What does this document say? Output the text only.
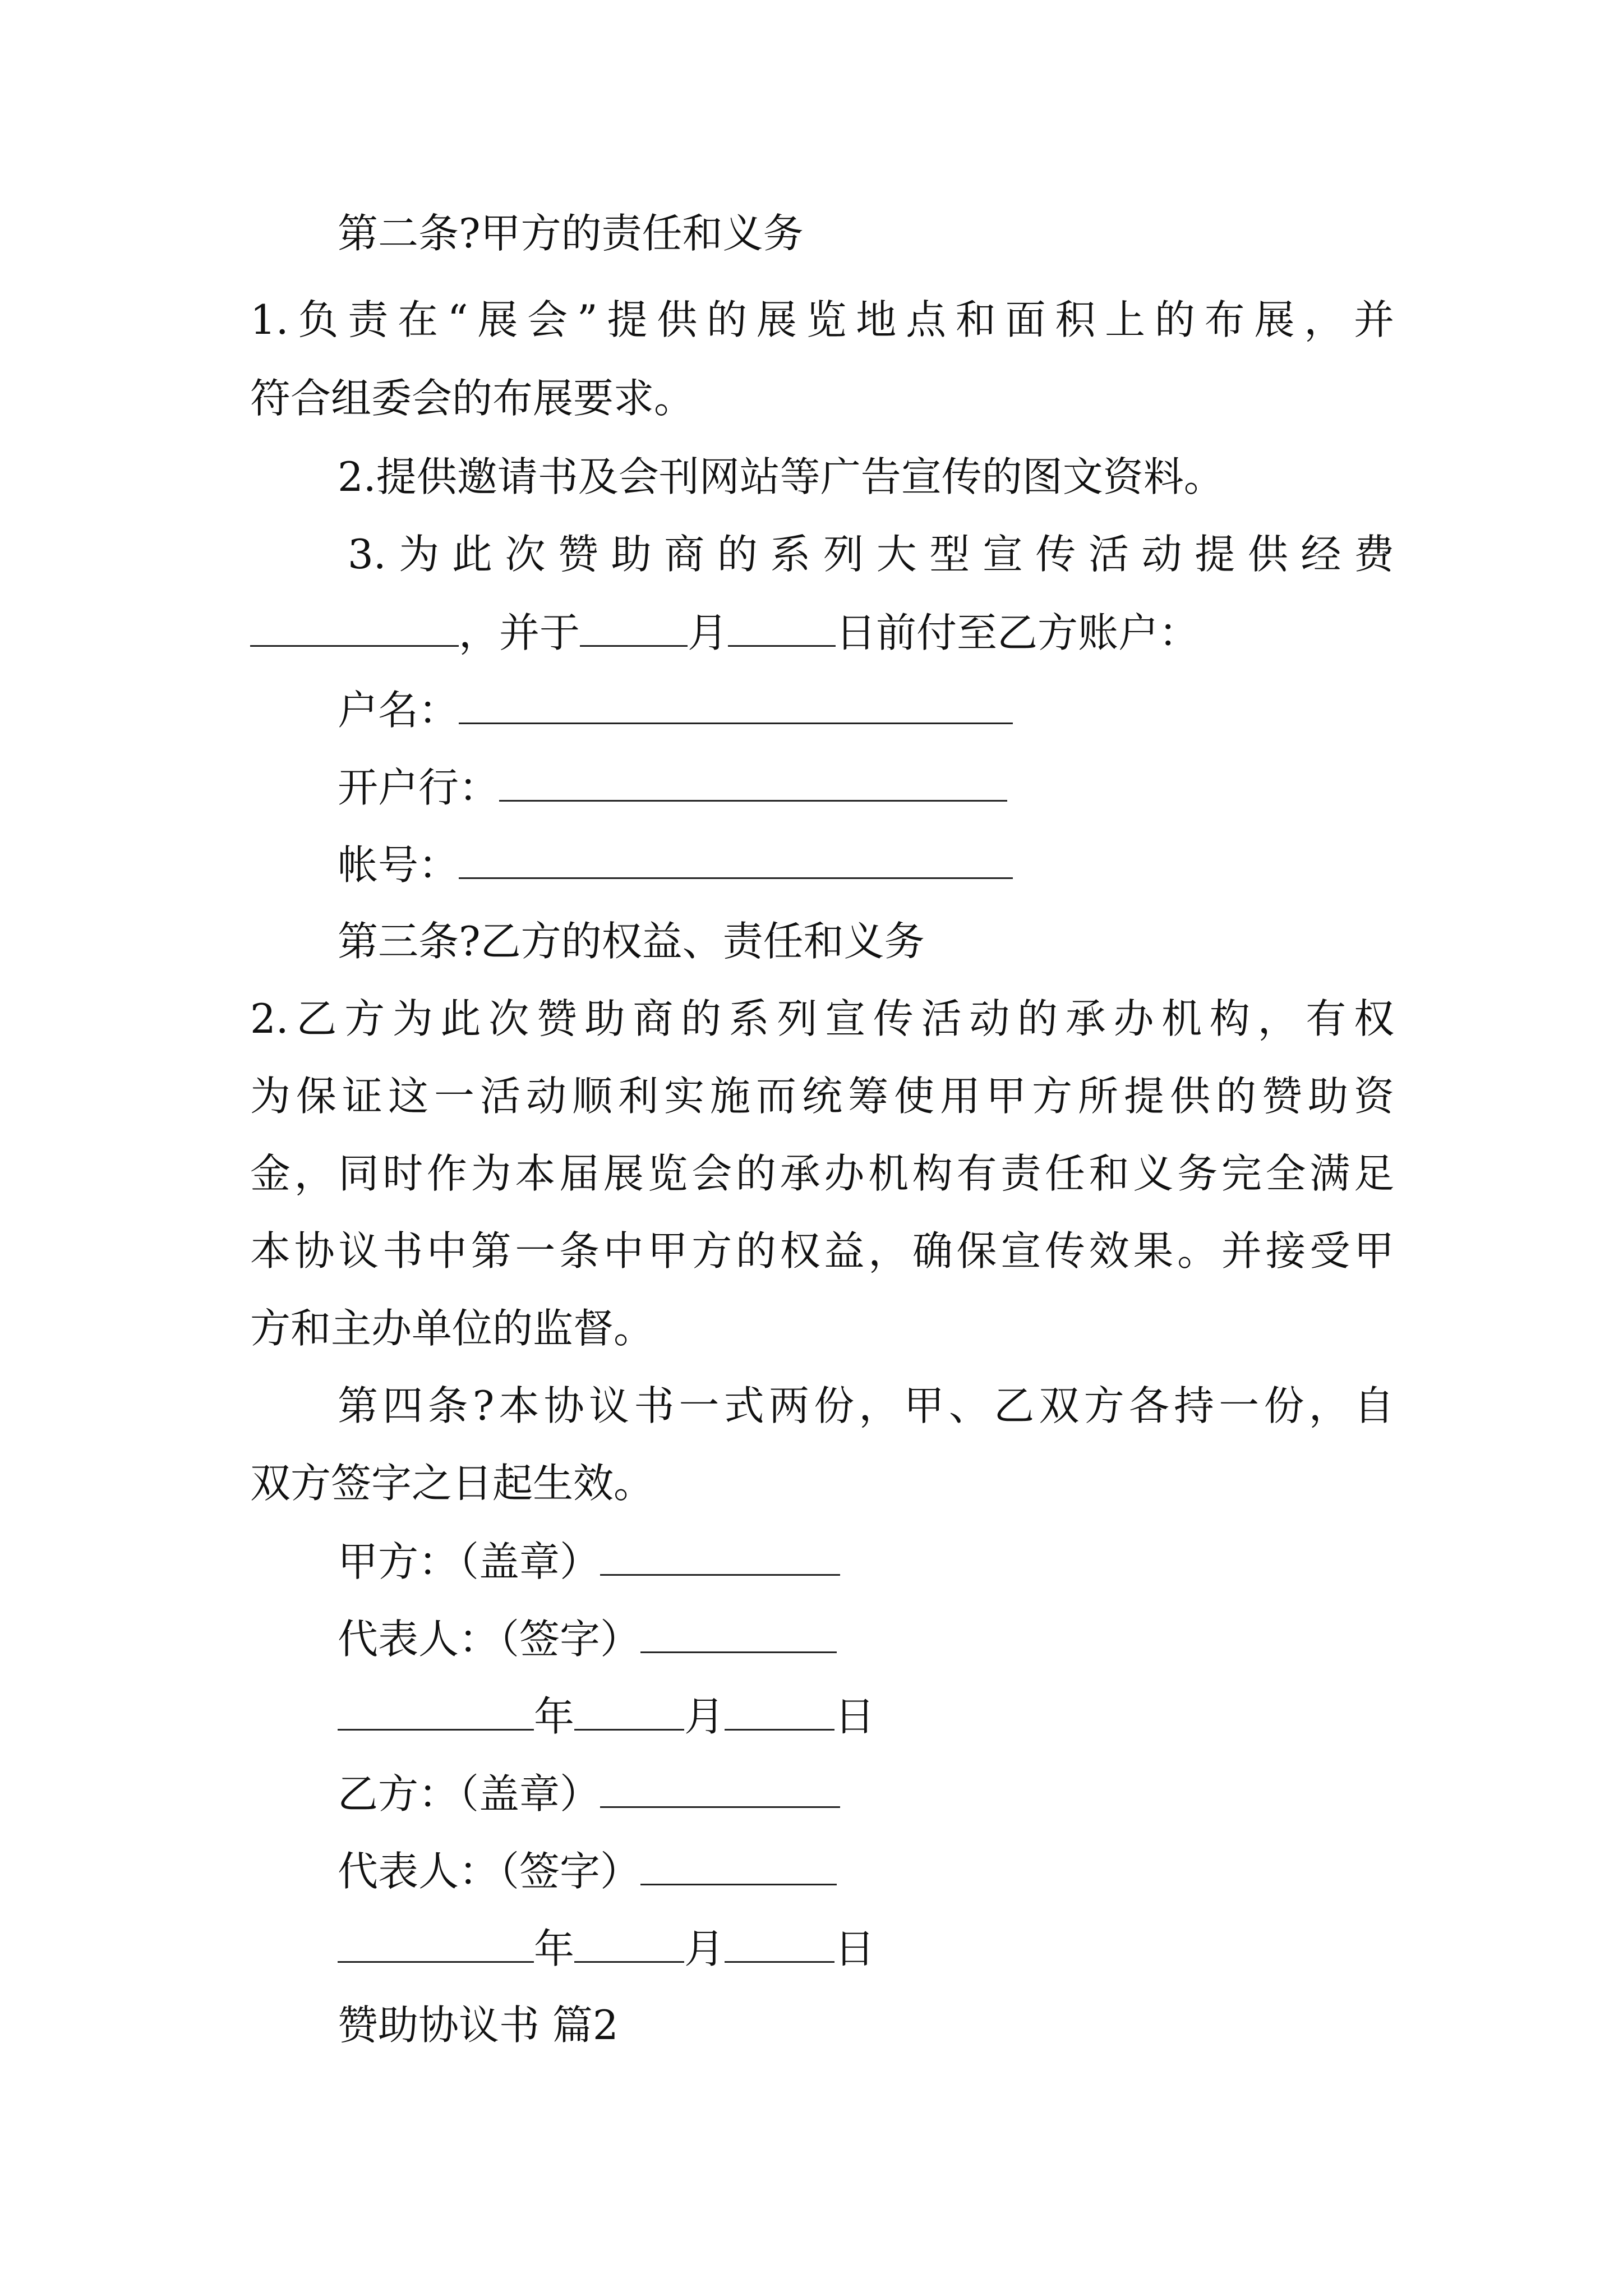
第二条?甲方的责任和义务
1.负责在“展会”提供的展览地点和面积上的布展，并
符合组委会的布展要求。
2.提供邀请书及会刊网站等广告宣传的图文资料。
3.为此次赞助商的系列大型宣传活动提供经费
，并于	月	日前付至乙方账户：
户名：
开户行：
帐号：
第三条?乙方的权益、责任和义务
2.乙方为此次赞助商的系列宣传活动的承办机构，有权
为保证这一活动顺利实施而统筹使用甲方所提供的赞助资
金，同时作为本届展览会的承办机构有责任和义务完全满足
本协议书中第一条中甲方的权益，确保宣传效果。并接受甲
方和主办单位的监督。
第四条?本协议书一式两份，甲、乙双方各持一份，自
双方签字之日起生效。
甲方：（盖章）
代表人：（签字）
年	月	日
乙方：（盖章）
代表人：（签字）
年	月	日
赞助协议书 篇2
